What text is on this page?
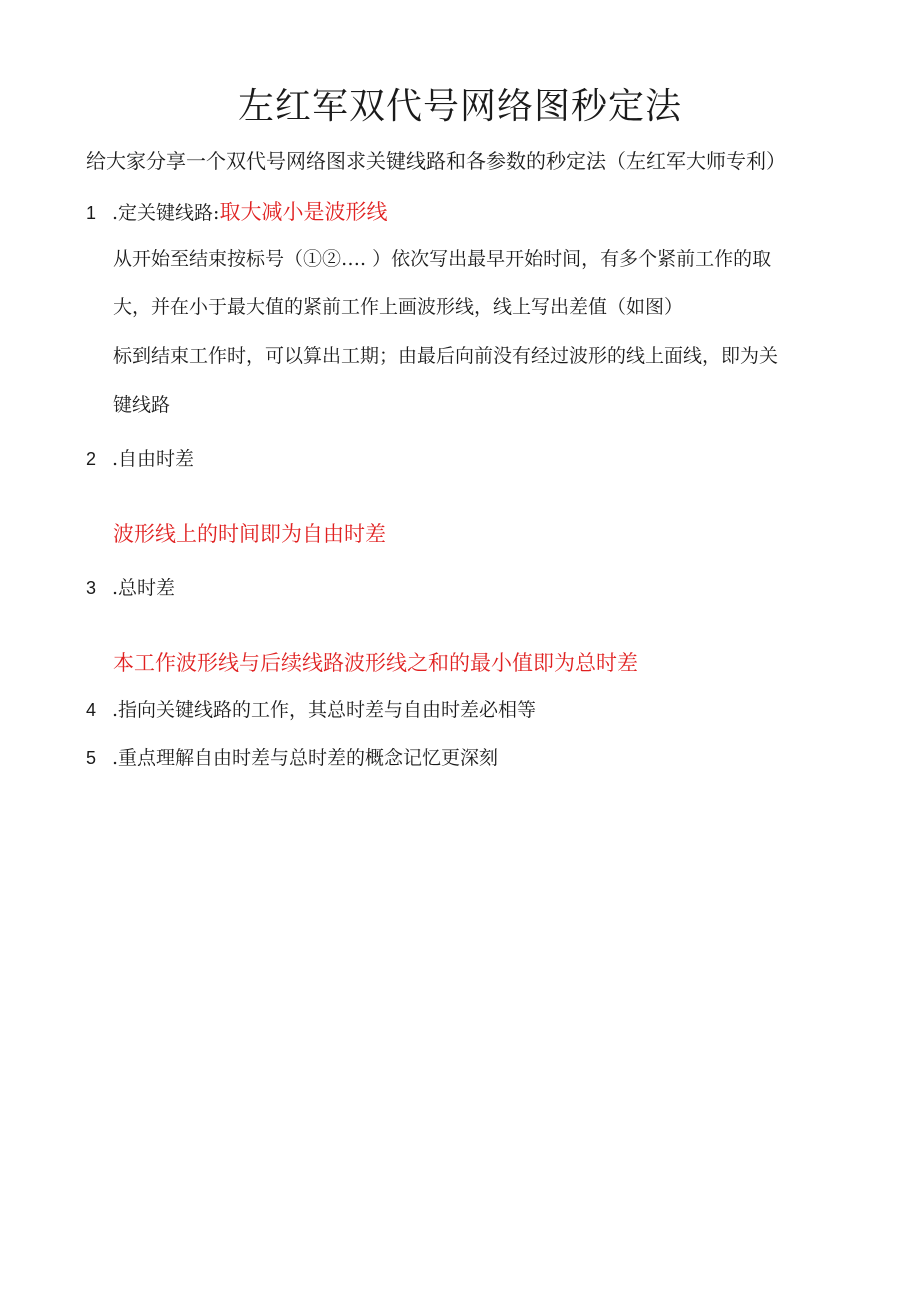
左红军双代号网络图秒定法
给大家分享一个双代号网络图求关键线路和各参数的秒定法（左红军大师专利）
1 .定关键线路:取大减小是波形线
从开始至结束按标号（①②…. ）依次写出最早开始时间，有多个紧前工作的取
大，并在小于最大值的紧前工作上画波形线，线上写出差值（如图）
标到结束工作时，可以算出工期；由最后向前没有经过波形的线上面线，即为关
键线路
2 .自由时差
波形线上的时间即为自由时差
3 .总时差
本工作波形线与后续线路波形线之和的最小值即为总时差
4 .指向关键线路的工作，其总时差与自由时差必相等
5 .重点理解自由时差与总时差的概念记忆更深刻
